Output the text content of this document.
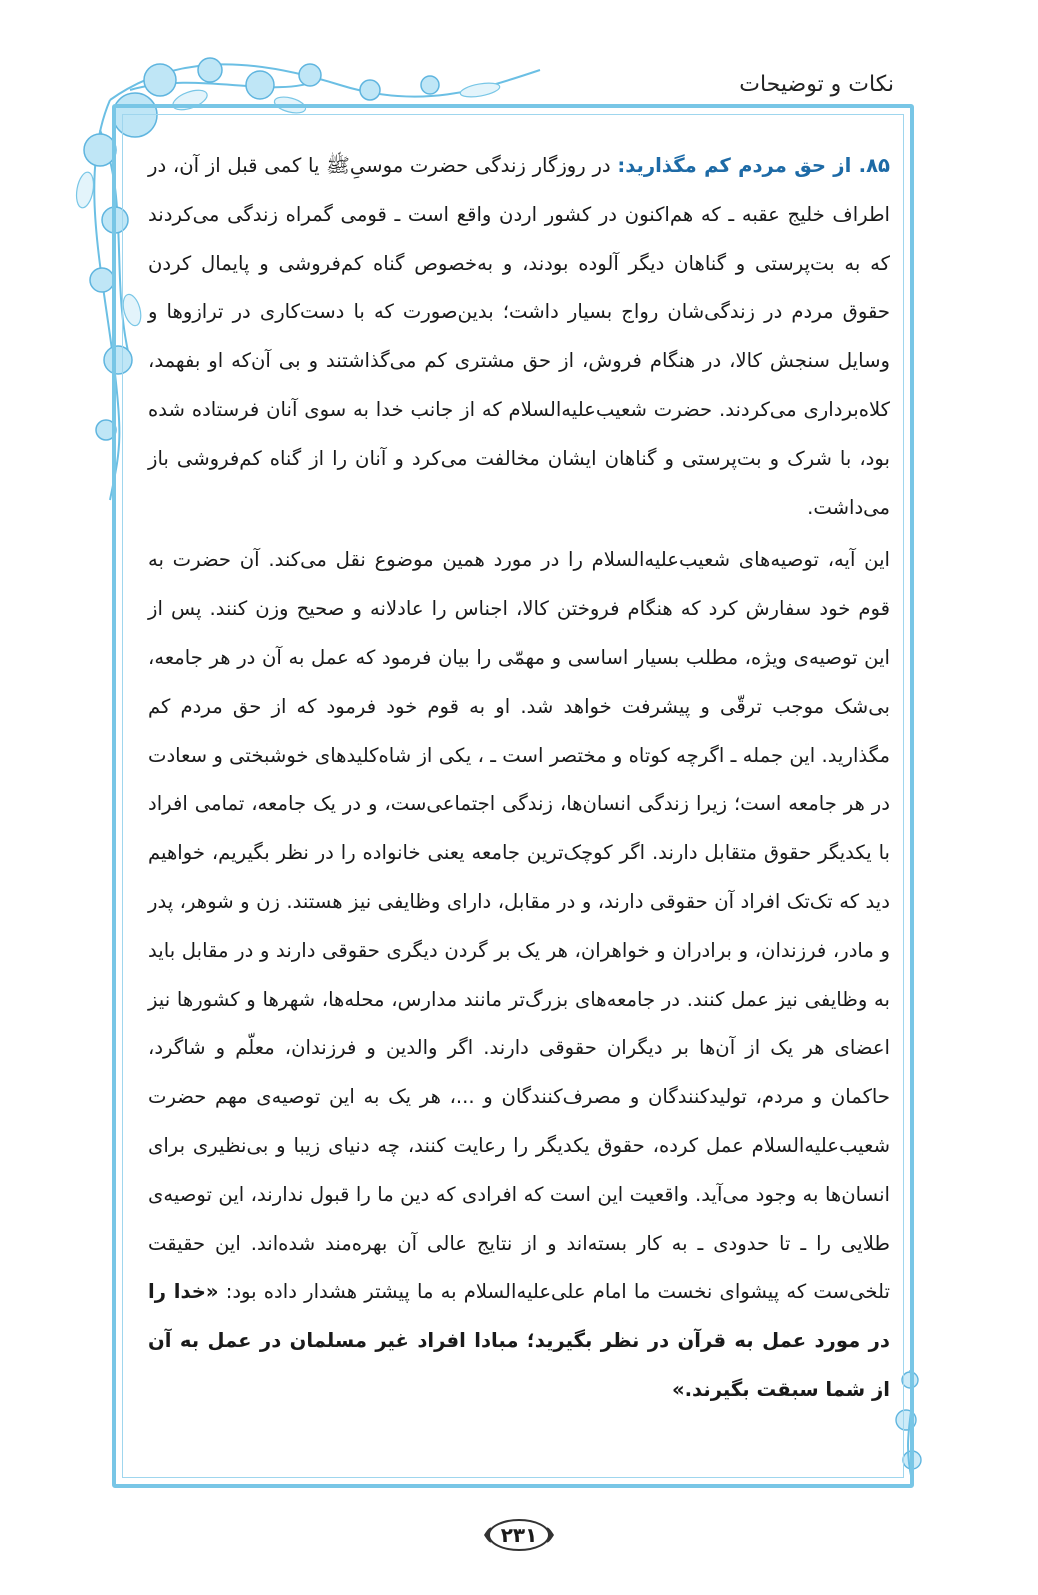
نکات و توضیحات

۸۵. از حق مردم کم مگذارید: در روزگار زندگی حضرت موسیِﷺ یا کمی قبل از آن، در اطراف خلیج عقبه ـ که هم‌اکنون در کشور اردن واقع است ـ قومی گمراه زندگی می‌کردند که به بت‌پرستی و گناهان دیگر آلوده بودند، و به‌خصوص گناه کم‌فروشی و پایمال کردن حقوق مردم در زندگی‌شان رواج بسیار داشت؛ بدین‌صورت که با دست‌کاری در ترازوها و وسایل سنجش کالا، در هنگام فروش، از حق مشتری کم می‌گذاشتند و بی آن‌که او بفهمد، کلاه‌برداری می‌کردند. حضرت شعیب‌علیه‌السلام که از جانب خدا به سوی آنان فرستاده شده بود، با شرک و بت‌پرستی و گناهان ایشان مخالفت می‌کرد و آنان را از گناه کم‌فروشی باز می‌داشت.

این آیه، توصیه‌های شعیب‌علیه‌السلام را در مورد همین موضوع نقل می‌کند. آن حضرت به قوم خود سفارش کرد که هنگام فروختن کالا، اجناس را عادلانه و صحیح وزن کنند. پس از این توصیه‌ی ویژه، مطلب بسیار اساسی و مهمّی را بیان فرمود که عمل به آن در هر جامعه، بی‌شک موجب ترقّی و پیشرفت خواهد شد. او به قوم خود فرمود که از حق مردم کم مگذارید. این جمله ـ اگرچه کوتاه و مختصر است ـ ، یکی از شاه‌کلیدهای خوشبختی و سعادت در هر جامعه است؛ زیرا زندگی انسان‌ها، زندگی اجتماعی‌ست، و در یک جامعه، تمامی افراد با یکدیگر حقوق متقابل دارند. اگر کوچک‌ترین جامعه یعنی خانواده را در نظر بگیریم، خواهیم دید که تک‌تک افراد آن حقوقی دارند، و در مقابل، دارای وظایفی نیز هستند. زن و شوهر، پدر و مادر، فرزندان، و برادران و خواهران، هر یک بر گردن دیگری حقوقی دارند و در مقابل باید به وظایفی نیز عمل کنند. در جامعه‌های بزرگ‌تر مانند مدارس، محله‌ها، شهرها و کشورها نیز اعضای هر یک از آن‌ها بر دیگران حقوقی دارند. اگر والدین و فرزندان، معلّم و شاگرد، حاکمان و مردم، تولیدکنندگان و مصرف‌کنندگان و ...، هر یک به این توصیه‌ی مهم حضرت شعیب‌علیه‌السلام عمل کرده، حقوق یکدیگر را رعایت کنند، چه دنیای زیبا و بی‌نظیری برای انسان‌ها به وجود می‌آید. واقعیت این است که افرادی که دین ما را قبول ندارند، این توصیه‌ی طلایی را ـ تا حدودی ـ به کار بسته‌اند و از نتایج عالی آن بهره‌مند شده‌اند. این حقیقت تلخی‌ست که پیشوای نخست ما امام علی‌علیه‌السلام به ما پیشتر هشدار داده بود: «خدا را در مورد عمل به قرآن در نظر بگیرید؛ مبادا افراد غیر مسلمان در عمل به آن از شما سبقت بگیرند.»

۲۳۱
